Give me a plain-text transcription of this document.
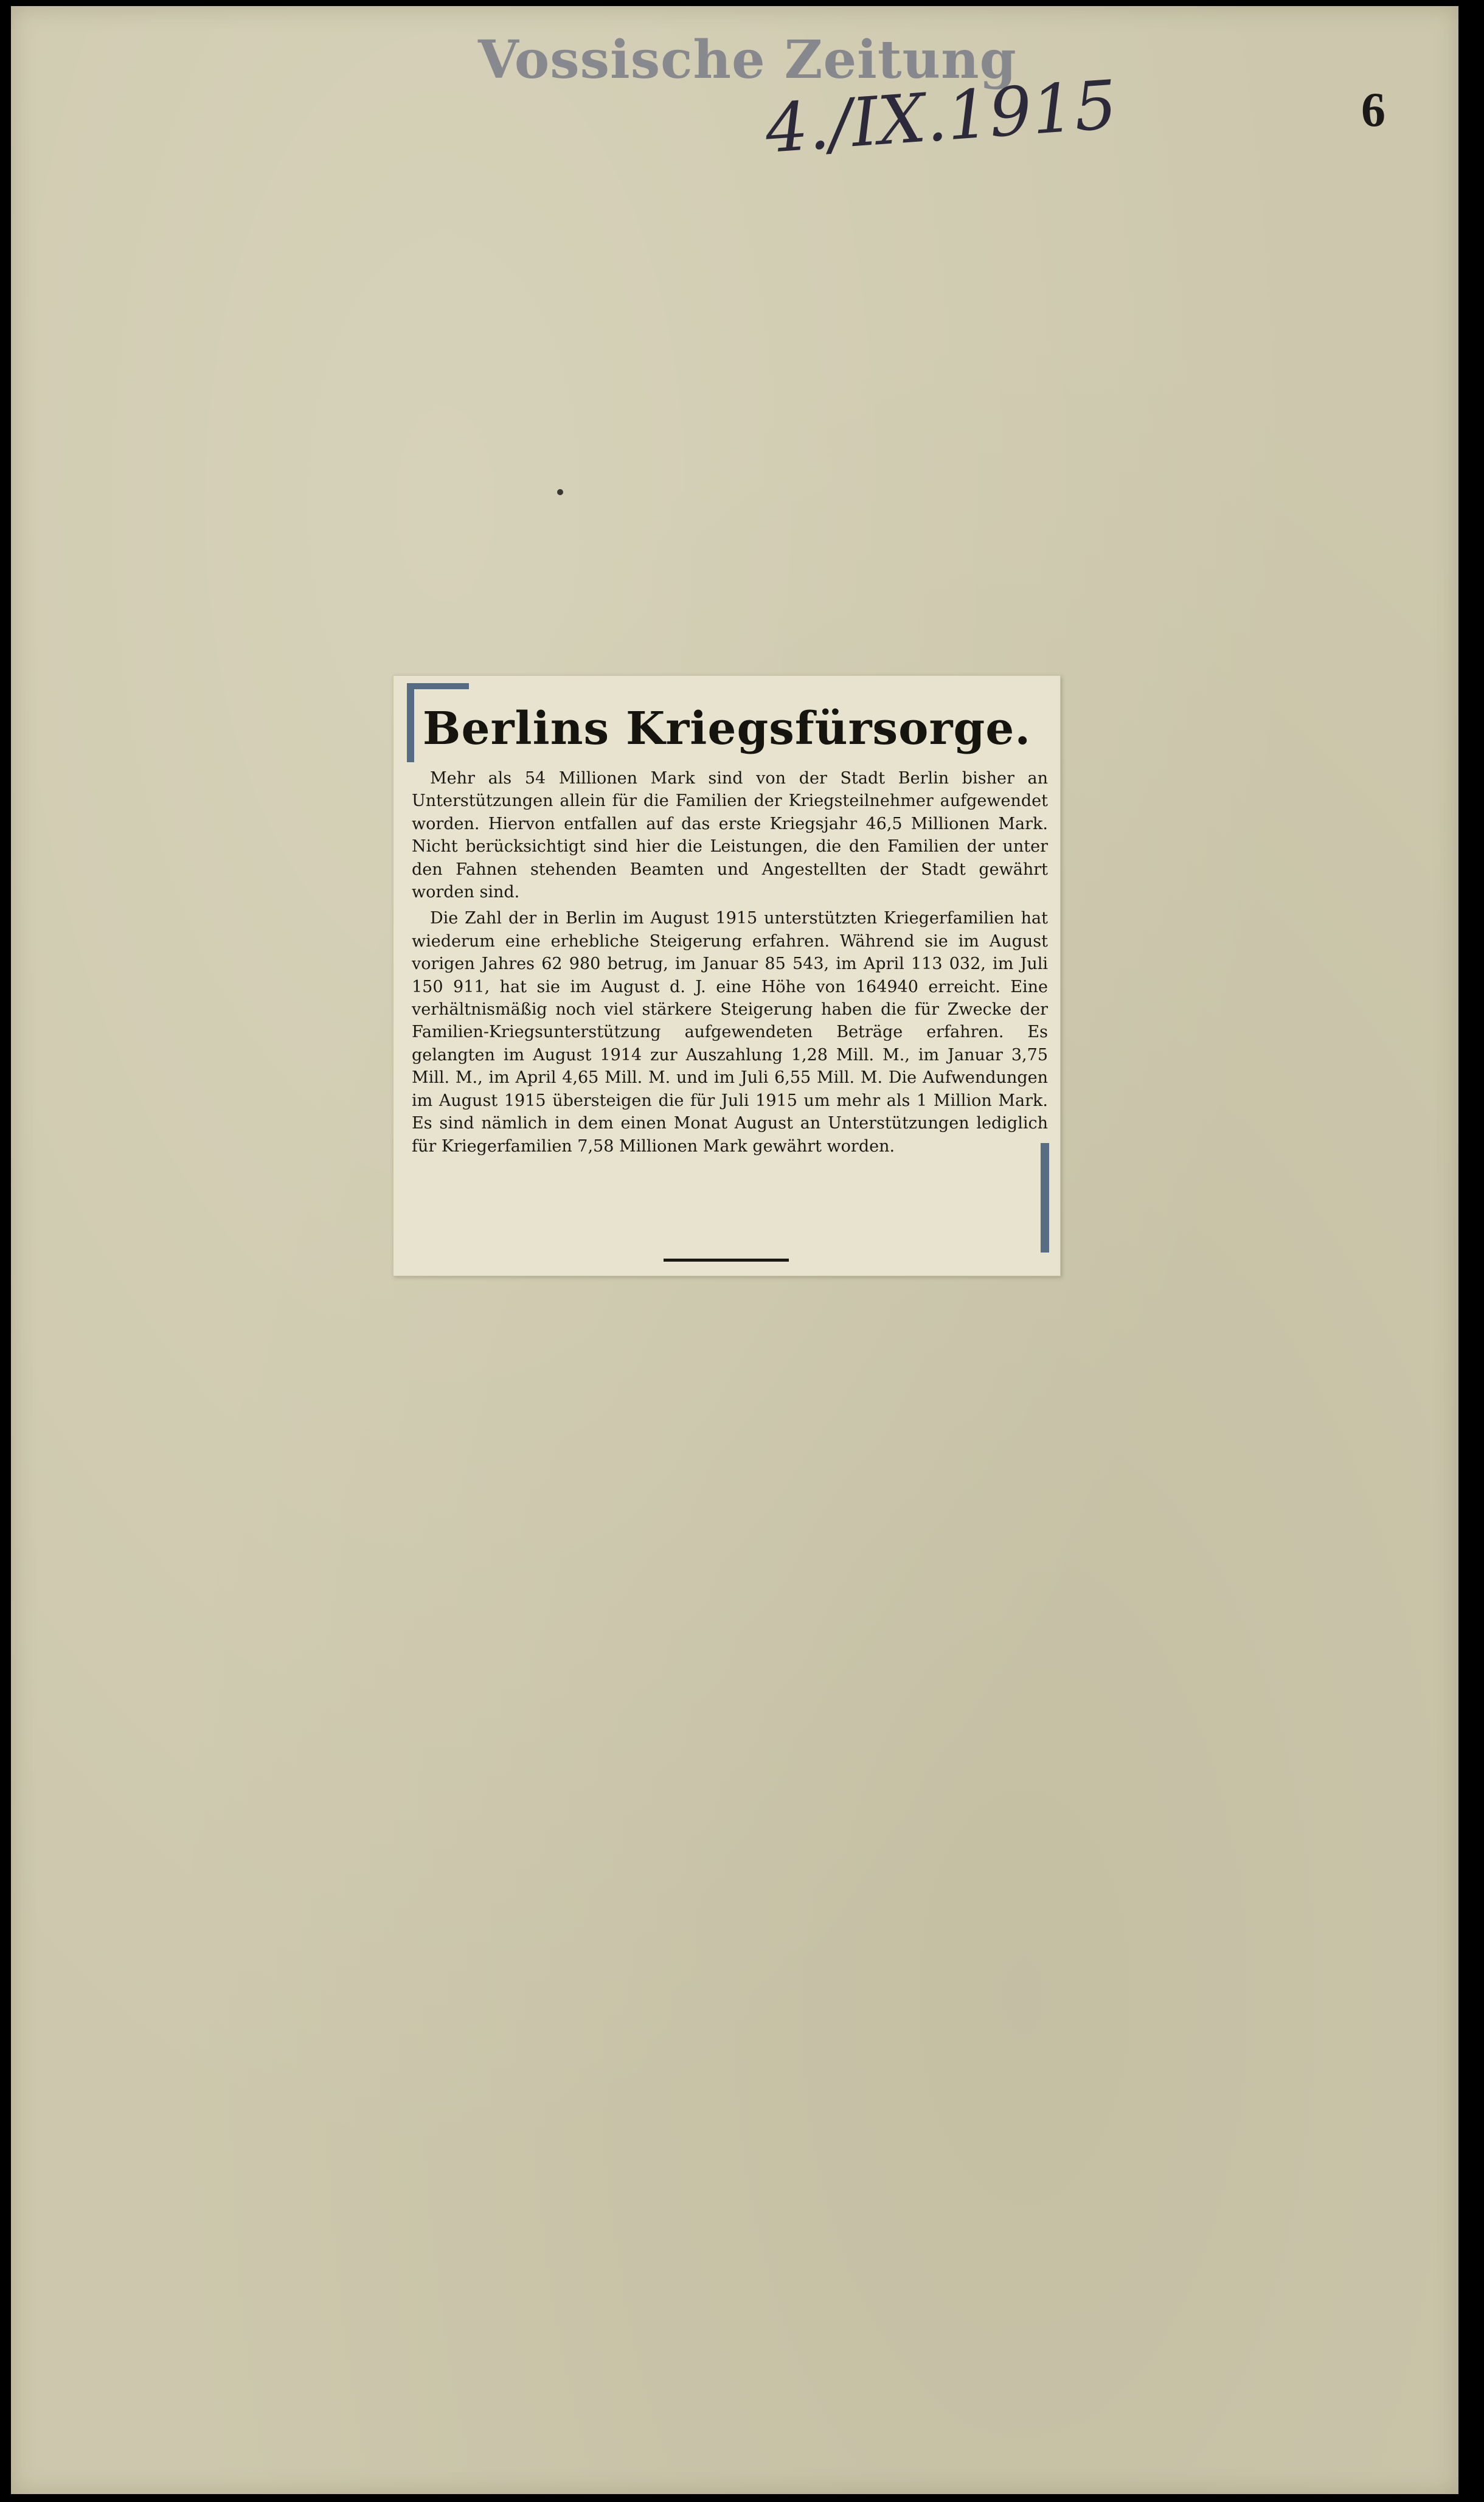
Vossische Zeitung
4./IX.1915	6
Berlins Kriegsfürsorge.

Mehr als 54 Millionen Mark sind von der Stadt Berlin bisher an Unterstützungen allein für die Familien der Kriegsteilnehmer aufgewendet worden. Hiervon entfallen auf das erste Kriegsjahr 46,5 Millionen Mark. Nicht berücksichtigt sind hier die Leistungen, die den Familien der unter den Fahnen stehenden Beamten und Angestellten der Stadt gewährt worden sind.

Die Zahl der in Berlin im August 1915 unterstützten Kriegerfamilien hat wiederum eine erhebliche Steigerung erfahren. Während sie im August vorigen Jahres 62 980 betrug, im Januar 85 543, im April 113 032, im Juli 150 911, hat sie im August d. J. eine Höhe von 164940 erreicht. Eine verhältnismäßig noch viel stärkere Steigerung haben die für Zwecke der Familien-Kriegsunterstützung aufgewendeten Beträge erfahren. Es gelangten im August 1914 zur Auszahlung 1,28 Mill. M., im Januar 3,75 Mill. M., im April 4,65 Mill. M. und im Juli 6,55 Mill. M. Die Aufwendungen im August 1915 übersteigen die für Juli 1915 um mehr als 1 Million Mark. Es sind nämlich in dem einen Monat August an Unterstützungen lediglich für Kriegerfamilien 7,58 Millionen Mark gewährt worden.
